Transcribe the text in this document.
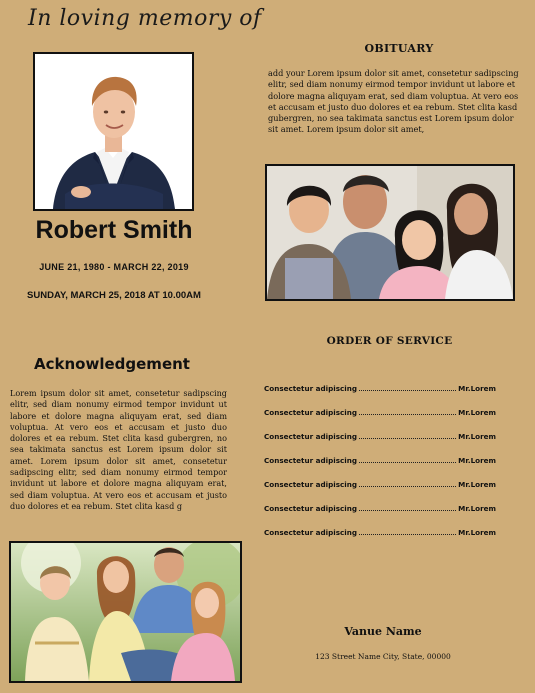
In loving memory of
Robert Smith
JUNE 21, 1980 - MARCH 22, 2019
SUNDAY, MARCH 25, 2018 AT 10.00AM
Acknowledgement
Lorem ipsum dolor sit amet, consetetur sadipscing elitr, sed diam nonumy eirmod tempor invidunt ut labore et dolore magna aliquyam erat, sed diam voluptua. At vero eos et accusam et justo duo dolores et ea rebum. Stet clita kasd gubergren, no sea takimata sanctus est Lorem ipsum dolor sit amet. Lorem ipsum dolor sit amet, consetetur sadipscing elitr, sed diam nonumy eirmod tempor invidunt ut labore et dolore magna aliquyam erat, sed diam voluptua. At vero eos et accusam et justo duo dolores et ea rebum. Stet clita kasd g
OBITUARY
add your Lorem ipsum dolor sit amet, consetetur sadipscing elitr, sed diam nonumy eirmod tempor invidunt ut labore et dolore magna aliquyam erat, sed diam voluptua. At vero eos et accusam et justo duo dolores et ea rebum. Stet clita kasd gubergren, no sea takimata sanctus est Lorem ipsum dolor sit amet. Lorem ipsum dolor sit amet,
ORDER OF SERVICE
Consectetur adipiscing	Mr.Lorem
Consectetur adipiscing	Mr.Lorem
Consectetur adipiscing	Mr.Lorem
Consectetur adipiscing	Mr.Lorem
Consectetur adipiscing	Mr.Lorem
Consectetur adipiscing	Mr.Lorem
Consectetur adipiscing	Mr.Lorem
Vanue Name
123 Street Name City, State, 00000
